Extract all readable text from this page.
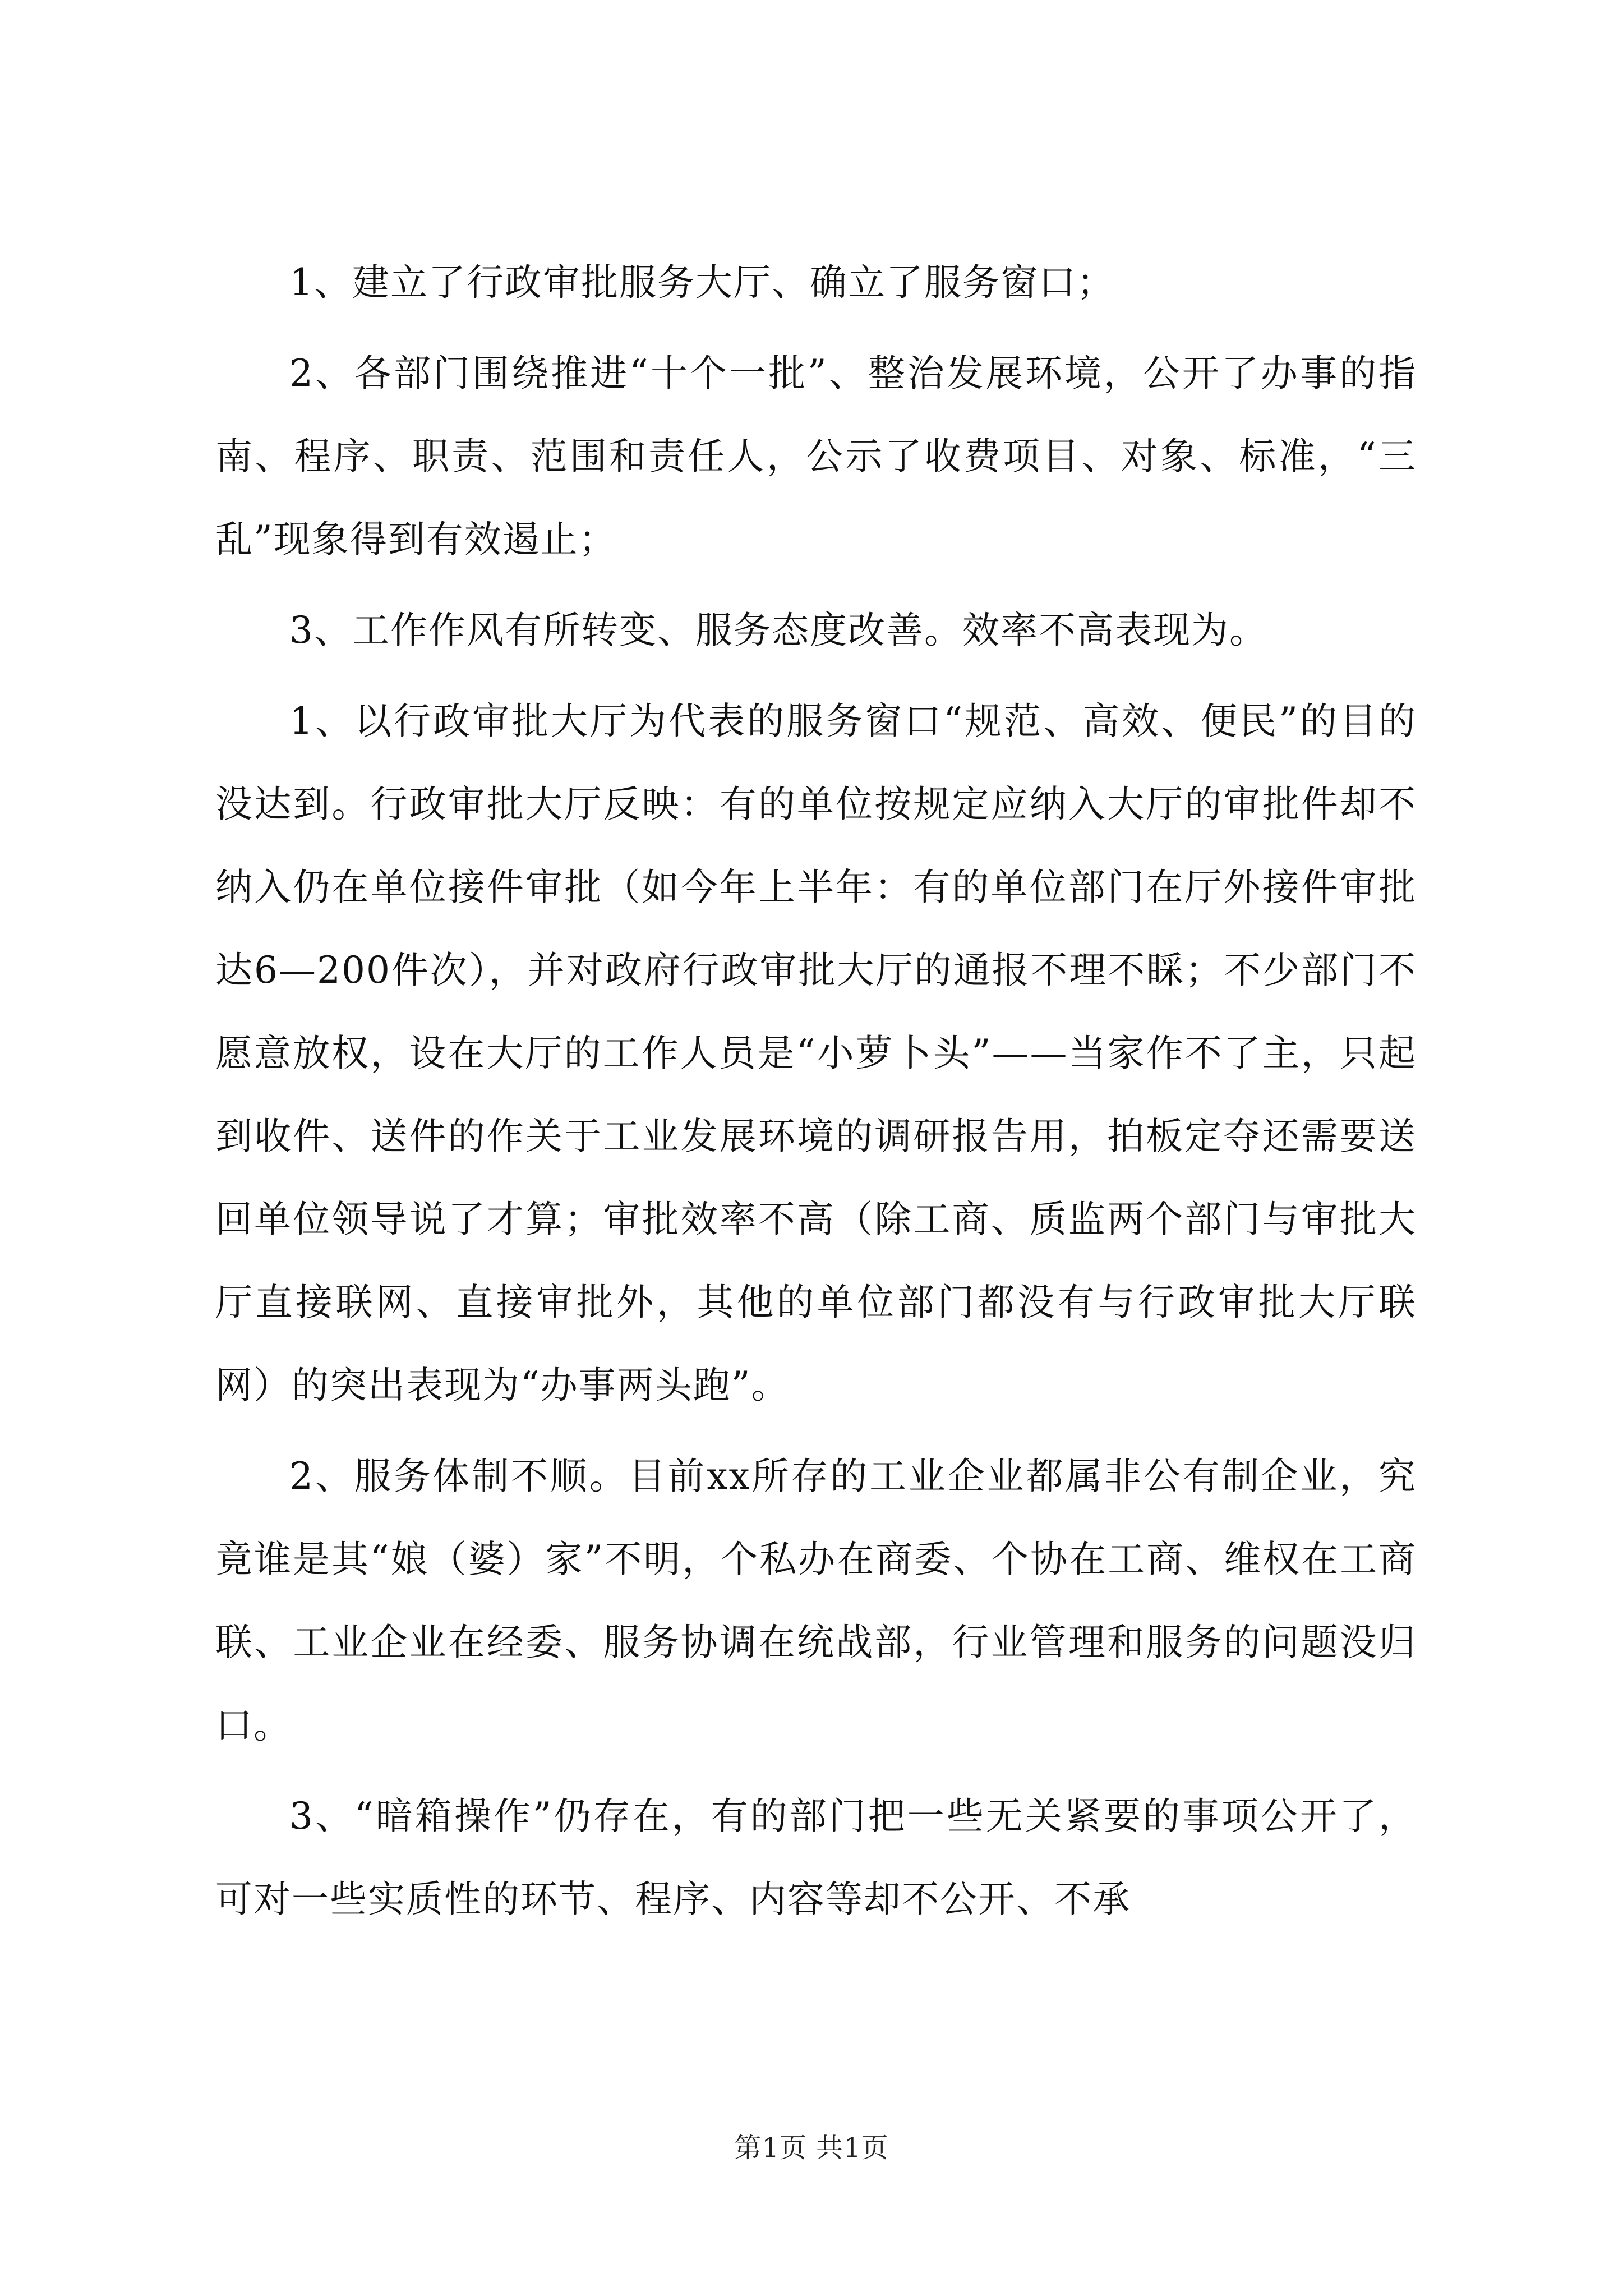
1、建立了行政审批服务大厅、确立了服务窗口；

2、各部门围绕推进“十个一批”、整治发展环境，公开了办事的指南、程序、职责、范围和责任人，公示了收费项目、对象、标准，“三乱”现象得到有效遏止；

3、工作作风有所转变、服务态度改善。效率不高表现为。

1、以行政审批大厅为代表的服务窗口“规范、高效、便民”的目的没达到。行政审批大厅反映：有的单位按规定应纳入大厅的审批件却不纳入仍在单位接件审批（如今年上半年：有的单位部门在厅外接件审批达6—200件次），并对政府行政审批大厅的通报不理不睬；不少部门不愿意放权，设在大厅的工作人员是“小萝卜头”——当家作不了主，只起到收件、送件的作关于工业发展环境的调研报告用，拍板定夺还需要送回单位领导说了才算；审批效率不高（除工商、质监两个部门与审批大厅直接联网、直接审批外，其他的单位部门都没有与行政审批大厅联网）的突出表现为“办事两头跑”。

2、服务体制不顺。目前xx所存的工业企业都属非公有制企业，究竟谁是其“娘（婆）家”不明，个私办在商委、个协在工商、维权在工商联、工业企业在经委、服务协调在统战部，行业管理和服务的问题没归口。

3、“暗箱操作”仍存在，有的部门把一些无关紧要的事项公开了，可对一些实质性的环节、程序、内容等却不公开、不承

第1页 共1页
